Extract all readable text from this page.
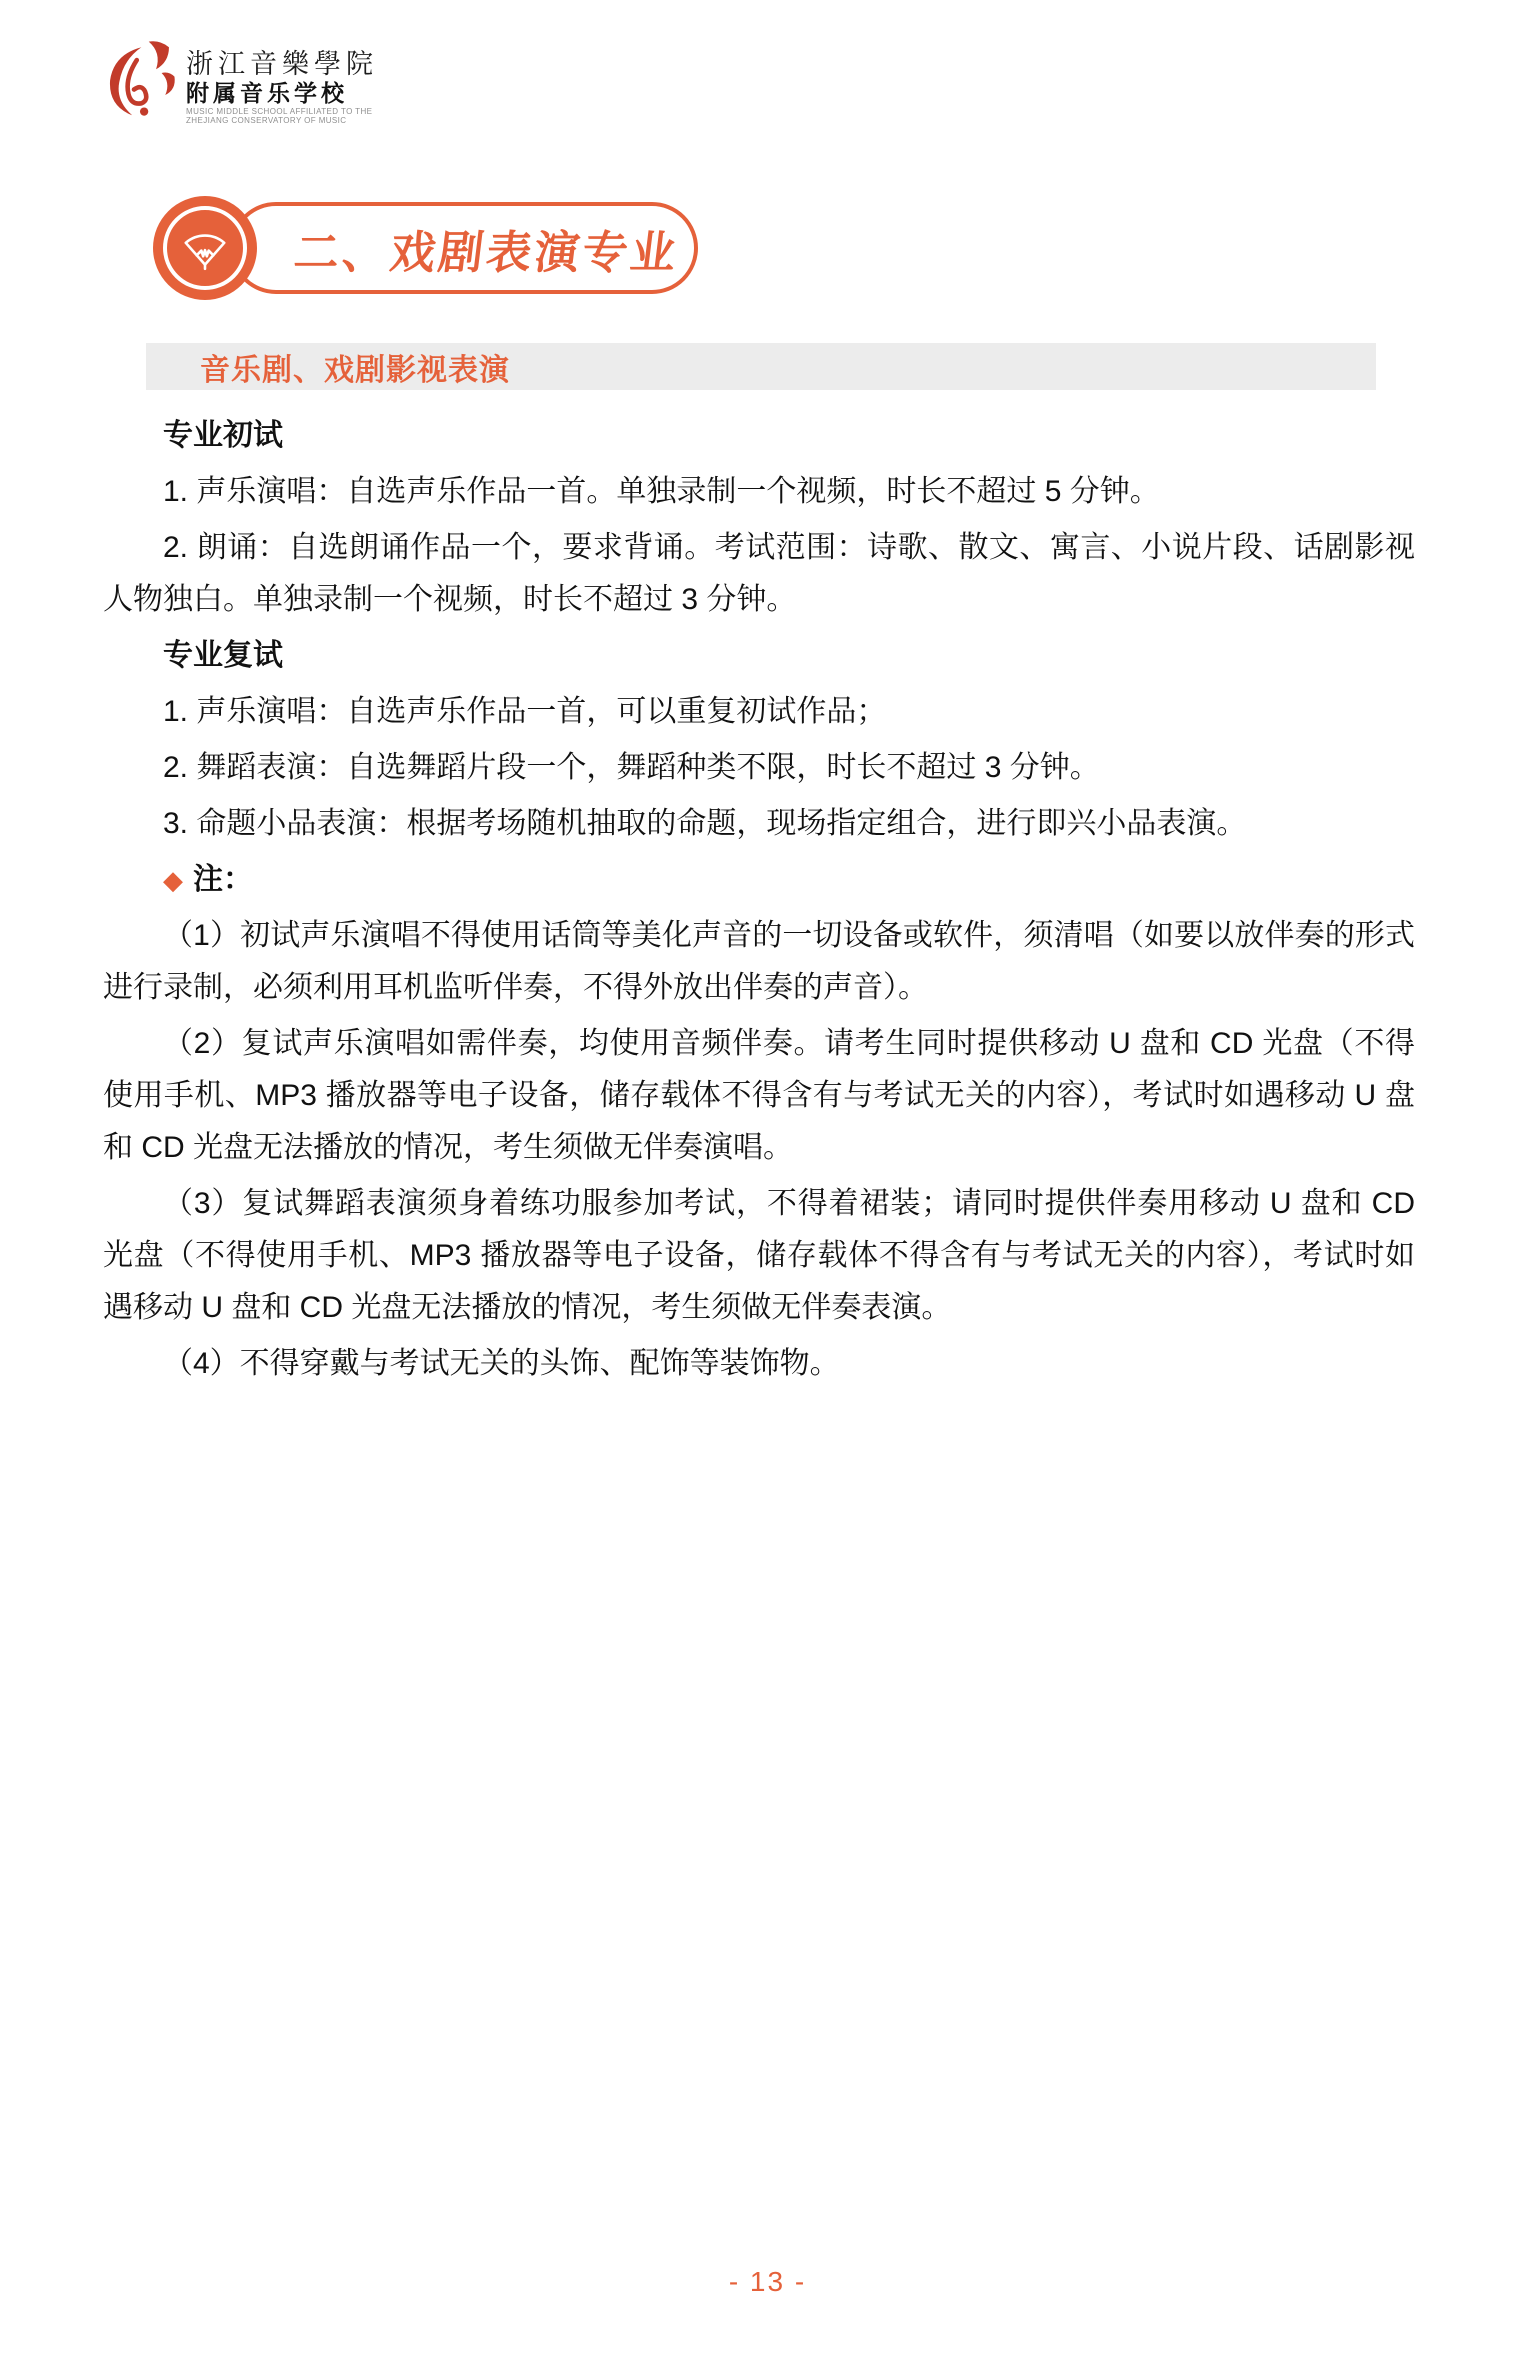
浙江音樂學院
附属音乐学校
MUSIC MIDDLE SCHOOL AFFILIATED TO THE
ZHEJIANG CONSERVATORY OF MUSIC
二、戏剧表演专业
音乐剧、戏剧影视表演

专业初试

1. 声乐演唱：自选声乐作品一首。单独录制一个视频，时长不超过 5 分钟。

2. 朗诵：自选朗诵作品一个，要求背诵。考试范围：诗歌、散文、寓言、小说片段、话剧影视人物独白。单独录制一个视频，时长不超过 3 分钟。

专业复试

1. 声乐演唱：自选声乐作品一首，可以重复初试作品；

2. 舞蹈表演：自选舞蹈片段一个，舞蹈种类不限，时长不超过 3 分钟。

3. 命题小品表演：根据考场随机抽取的命题，现场指定组合，进行即兴小品表演。

◆ 注：

（1）初试声乐演唱不得使用话筒等美化声音的一切设备或软件，须清唱（如要以放伴奏的形式进行录制，必须利用耳机监听伴奏，不得外放出伴奏的声音）。

（2）复试声乐演唱如需伴奏，均使用音频伴奏。请考生同时提供移动 U 盘和 CD 光盘（不得使用手机、MP3 播放器等电子设备，储存载体不得含有与考试无关的内容），考试时如遇移动 U 盘和 CD 光盘无法播放的情况，考生须做无伴奏演唱。

（3）复试舞蹈表演须身着练功服参加考试，不得着裙装；请同时提供伴奏用移动 U 盘和 CD 光盘（不得使用手机、MP3 播放器等电子设备，储存载体不得含有与考试无关的内容），考试时如遇移动 U 盘和 CD 光盘无法播放的情况，考生须做无伴奏表演。

（4）不得穿戴与考试无关的头饰、配饰等装饰物。

- 13 -
